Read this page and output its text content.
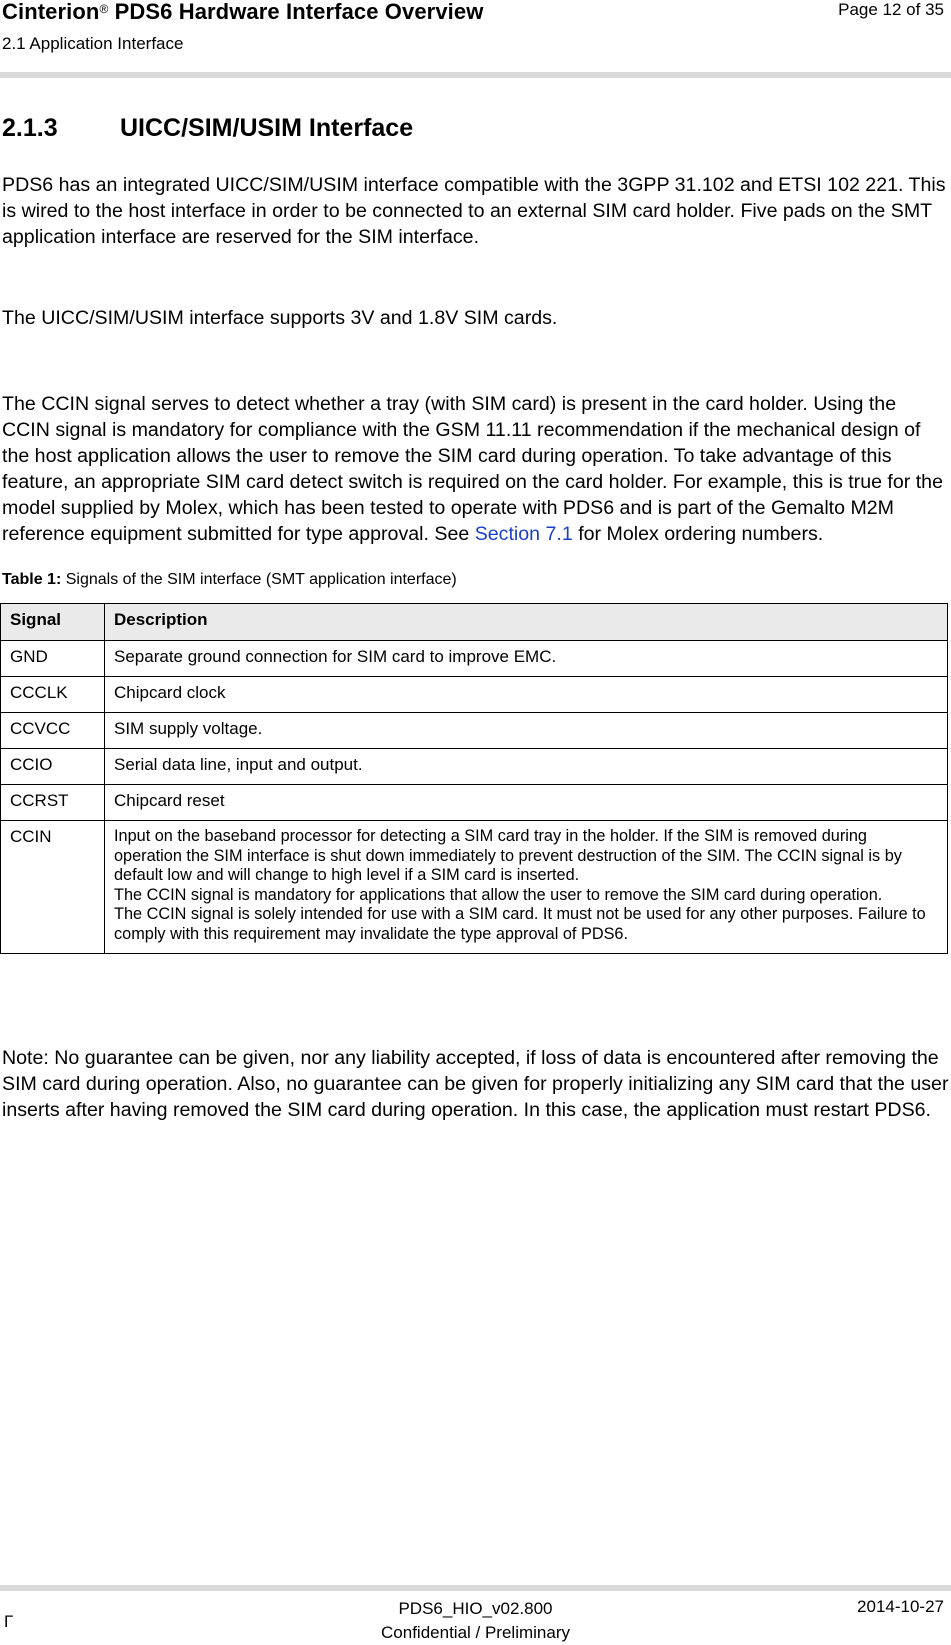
Cinterion® PDS6 Hardware Interface Overview
2.1 Application Interface
Page 12 of 35
2.1.3 UICC/SIM/USIM Interface

PDS6 has an integrated UICC/SIM/USIM interface compatible with the 3GPP 31.102 and ETSI 102 221. This is wired to the host interface in order to be connected to an external SIM card holder. Five pads on the SMT application interface are reserved for the SIM interface.

The UICC/SIM/USIM interface supports 3V and 1.8V SIM cards.

The CCIN signal serves to detect whether a tray (with SIM card) is present in the card holder. Using the CCIN signal is mandatory for compliance with the GSM 11.11 recommendation if the mechanical design of the host application allows the user to remove the SIM card during operation. To take advantage of this feature, an appropriate SIM card detect switch is required on the card holder. For example, this is true for the model supplied by Molex, which has been tested to operate with PDS6 and is part of the Gemalto M2M reference equipment submitted for type approval. See Section 7.1 for Molex ordering numbers.

Table 1: Signals of the SIM interface (SMT application interface)
Signal	Description
GND	Separate ground connection for SIM card to improve EMC.
CCCLK	Chipcard clock
CCVCC	SIM supply voltage.
CCIO	Serial data line, input and output.
CCRST	Chipcard reset
CCIN	Input on the baseband processor for detecting a SIM card tray in the holder. If the SIM is removed during operation the SIM interface is shut down immediately to prevent destruction of the SIM. The CCIN signal is by default low and will change to high level if a SIM card is inserted.
The CCIN signal is mandatory for applications that allow the user to remove the SIM card during operation.
The CCIN signal is solely intended for use with a SIM card. It must not be used for any other purposes. Failure to comply with this requirement may invalidate the type approval of PDS6.

Note: No guarantee can be given, nor any liability accepted, if loss of data is encountered after removing the SIM card during operation. Also, no guarantee can be given for properly initializing any SIM card that the user inserts after having removed the SIM card during operation. In this case, the application must restart PDS6.

Γ
PDS6_HIO_v02.800
Confidential / Preliminary
2014-10-27
